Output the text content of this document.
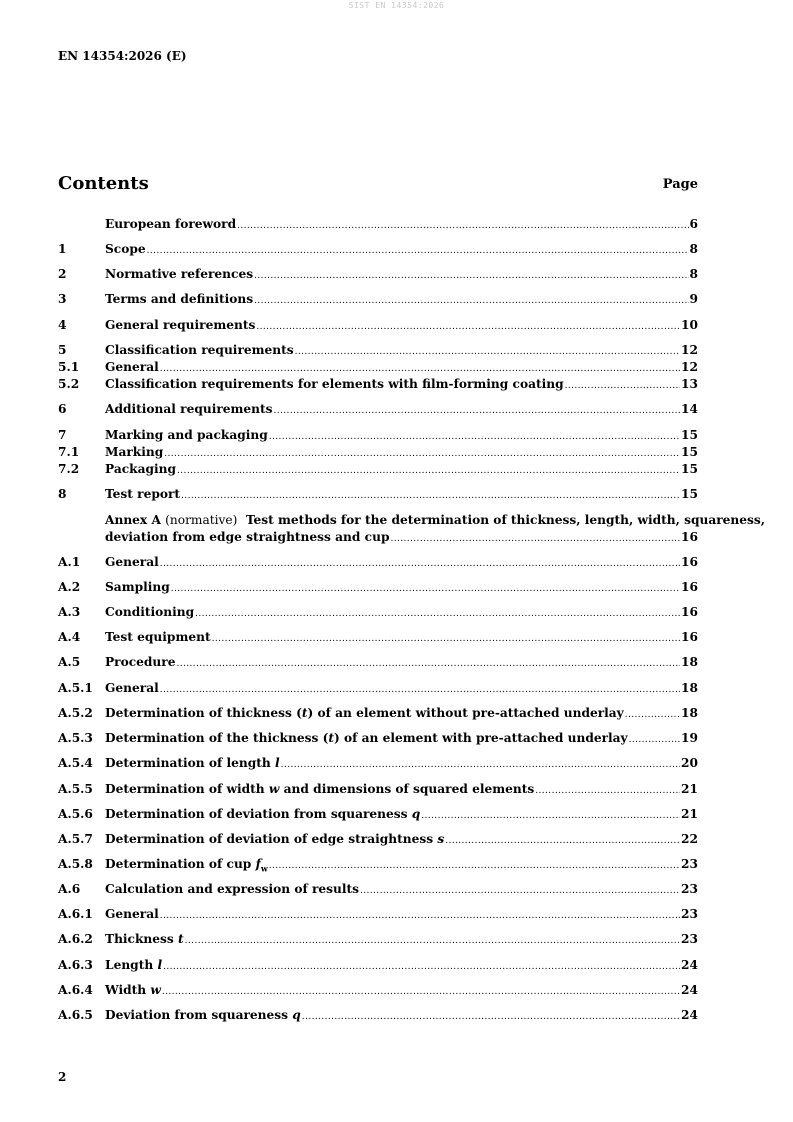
SIST EN 14354:2026
EN 14354:2026 (E)
Contents	Page
European foreword .....	6
1	Scope .....	8
2	Normative references .....	8
3	Terms and definitions .....	9
4	General requirements .....	10
5	Classification requirements .....	12
5.1	General .....	12
5.2	Classification requirements for elements with film-forming coating .....	13
6	Additional requirements .....	14
7	Marking and packaging .....	15
7.1	Marking .....	15
7.2	Packaging .....	15
8	Test report .....	15
Annex A (normative)  Test methods for the determination of thickness, length, width, squareness,
deviation from edge straightness and cup .....	16
A.1	General .....	16
A.2	Sampling .....	16
A.3	Conditioning .....	16
A.4	Test equipment .....	16
A.5	Procedure .....	18
A.5.1 General .....	18
A.5.2 Determination of thickness (t) of an element without pre-attached underlay .....	18
A.5.3 Determination of the thickness (t) of an element with pre-attached underlay .....	19
A.5.4 Determination of length l .....	20
A.5.5 Determination of width w and dimensions of squared elements .....	21
A.5.6 Determination of deviation from squareness q .....	21
A.5.7 Determination of deviation of edge straightness s .....	22
A.5.8 Determination of cup $f_w$ .....	23
A.6	Calculation and expression of results .....	23
A.6.1 General .....	23
A.6.2 Thickness t .....	23
A.6.3 Length l .....	24
A.6.4 Width w .....	24
A.6.5 Deviation from squareness q .....	24
2
